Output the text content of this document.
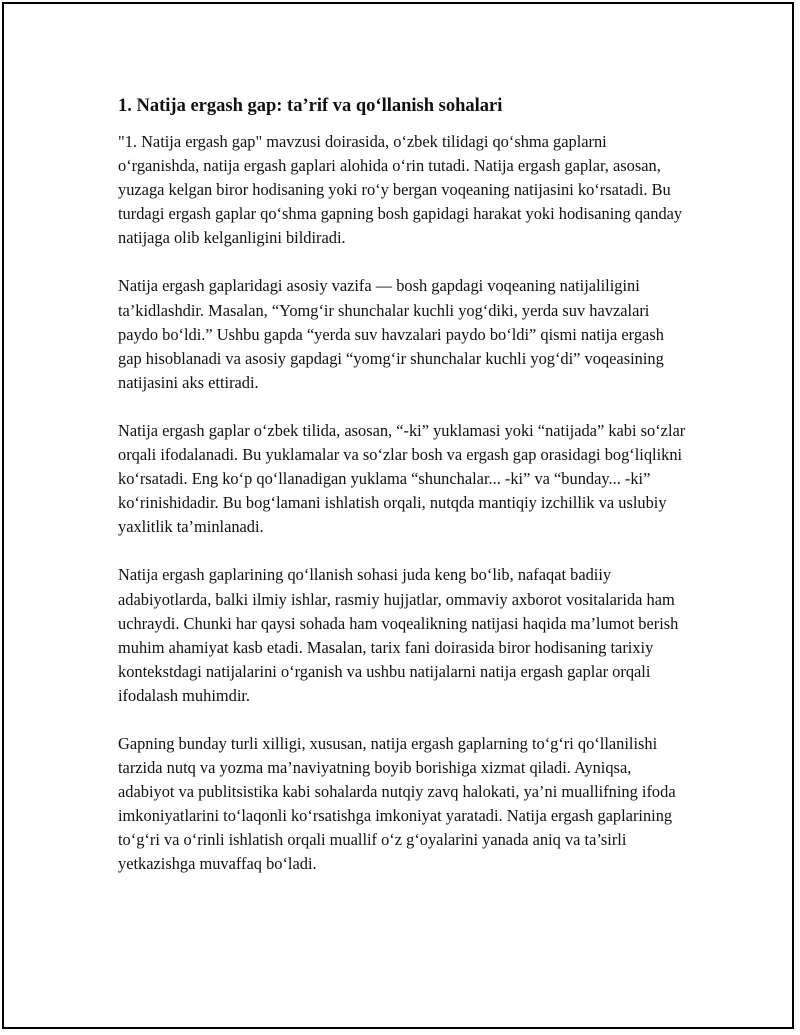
1. Natija ergash gap: ta’rif va qo‘llanish sohalari

"1. Natija ergash gap" mavzusi doirasida, o‘zbek tilidagi qo‘shma gaplarni o‘rganishda, natija ergash gaplari alohida o‘rin tutadi. Natija ergash gaplar, asosan, yuzaga kelgan biror hodisaning yoki ro‘y bergan voqeaning natijasini ko‘rsatadi. Bu turdagi ergash gaplar qo‘shma gapning bosh gapidagi harakat yoki hodisaning qanday natijaga olib kelganligini bildiradi.

Natija ergash gaplaridagi asosiy vazifa — bosh gapdagi voqeaning natijaliligini ta’kidlashdir. Masalan, “Yomg‘ir shunchalar kuchli yog‘diki, yerda suv havzalari paydo bo‘ldi.” Ushbu gapda “yerda suv havzalari paydo bo‘ldi” qismi natija ergash gap hisoblanadi va asosiy gapdagi “yomg‘ir shunchalar kuchli yog‘di” voqeasining natijasini aks ettiradi.

Natija ergash gaplar o‘zbek tilida, asosan, “-ki” yuklamasi yoki “natijada” kabi so‘zlar orqali ifodalanadi. Bu yuklamalar va so‘zlar bosh va ergash gap orasidagi bog‘liqlikni ko‘rsatadi. Eng ko‘p qo‘llanadigan yuklama “shunchalar... -ki” va “bunday... -ki” ko‘rinishidadir. Bu bog‘lamani ishlatish orqali, nutqda mantiqiy izchillik va uslubiy yaxlitlik ta’minlanadi.

Natija ergash gaplarining qo‘llanish sohasi juda keng bo‘lib, nafaqat badiiy adabiyotlarda, balki ilmiy ishlar, rasmiy hujjatlar, ommaviy axborot vositalarida ham uchraydi. Chunki har qaysi sohada ham voqealikning natijasi haqida ma’lumot berish muhim ahamiyat kasb etadi. Masalan, tarix fani doirasida biror hodisaning tarixiy kontekstdagi natijalarini o‘rganish va ushbu natijalarni natija ergash gaplar orqali ifodalash muhimdir.

Gapning bunday turli xilligi, xususan, natija ergash gaplarning to‘g‘ri qo‘llanilishi tarzida nutq va yozma ma’naviyatning boyib borishiga xizmat qiladi. Ayniqsa, adabiyot va publitsistika kabi sohalarda nutqiy zavq halokati, ya’ni muallifning ifoda imkoniyatlarini to‘laqonli ko‘rsatishga imkoniyat yaratadi. Natija ergash gaplarining to‘g‘ri va o‘rinli ishlatish orqali muallif o‘z g‘oyalarini yanada aniq va ta’sirli yetkazishga muvaffaq bo‘ladi.
